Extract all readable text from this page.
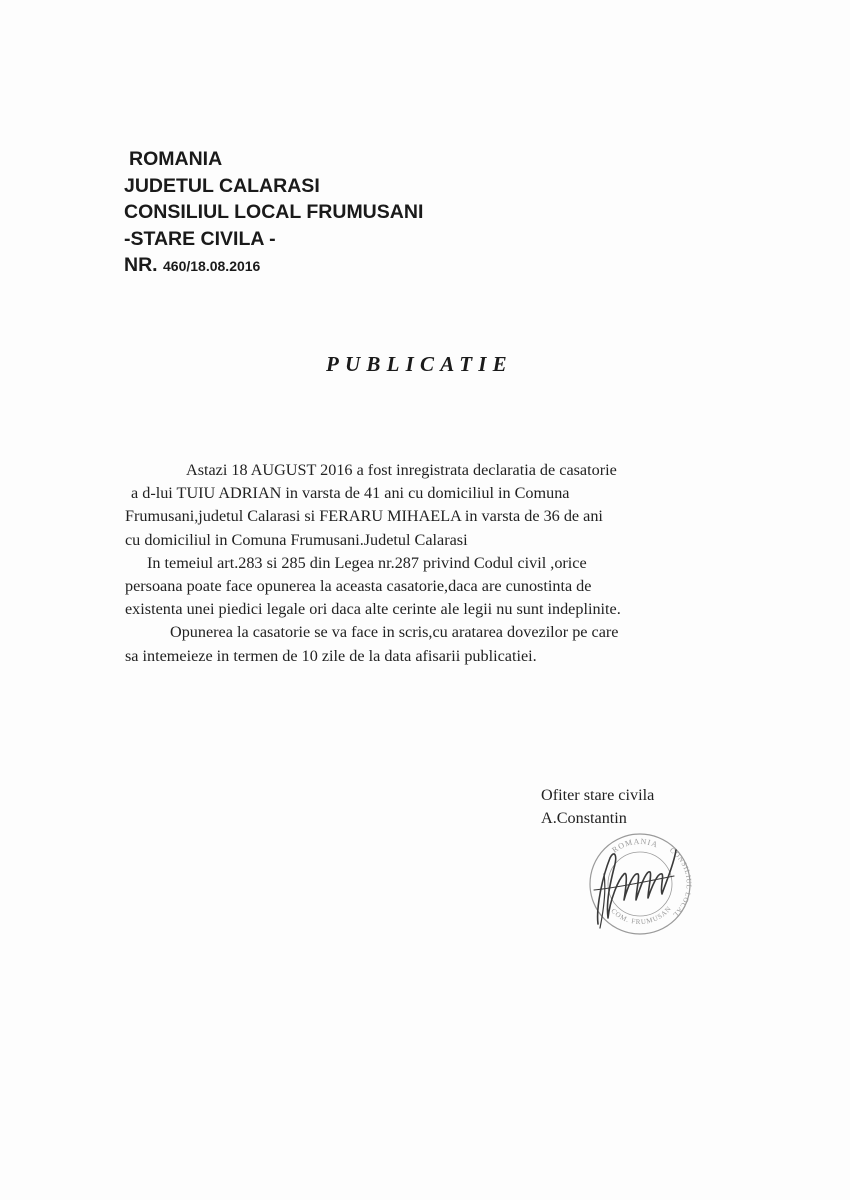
ROMANIA
JUDETUL CALARASI
CONSILIUL LOCAL FRUMUSANI
-STARE CIVILA -
NR. 460/18.08.2016
PUBLICATIE
Astazi 18 AUGUST 2016 a fost inregistrata declaratia de casatorie
a d-lui TUIU ADRIAN in varsta de 41 ani cu domiciliul in Comuna
Frumusani,judetul Calarasi si FERARU MIHAELA in varsta de 36 de ani
cu domiciliul in Comuna Frumusani.Judetul Calarasi
In temeiul art.283 si 285 din Legea nr.287 privind Codul civil ,orice
persoana poate face opunerea la aceasta casatorie,daca are cunostinta de
existenta unei piedici legale ori daca alte cerinte ale legii nu sunt indeplinite.
Opunerea la casatorie se va face in scris,cu aratarea dovezilor pe care
sa intemeieze in termen de 10 zile de la data afisarii publicatiei.
Ofiter stare civila
A.Constantin
ROMANIA
CONSILIUL LOCAL
COM. FRUMUSAN
